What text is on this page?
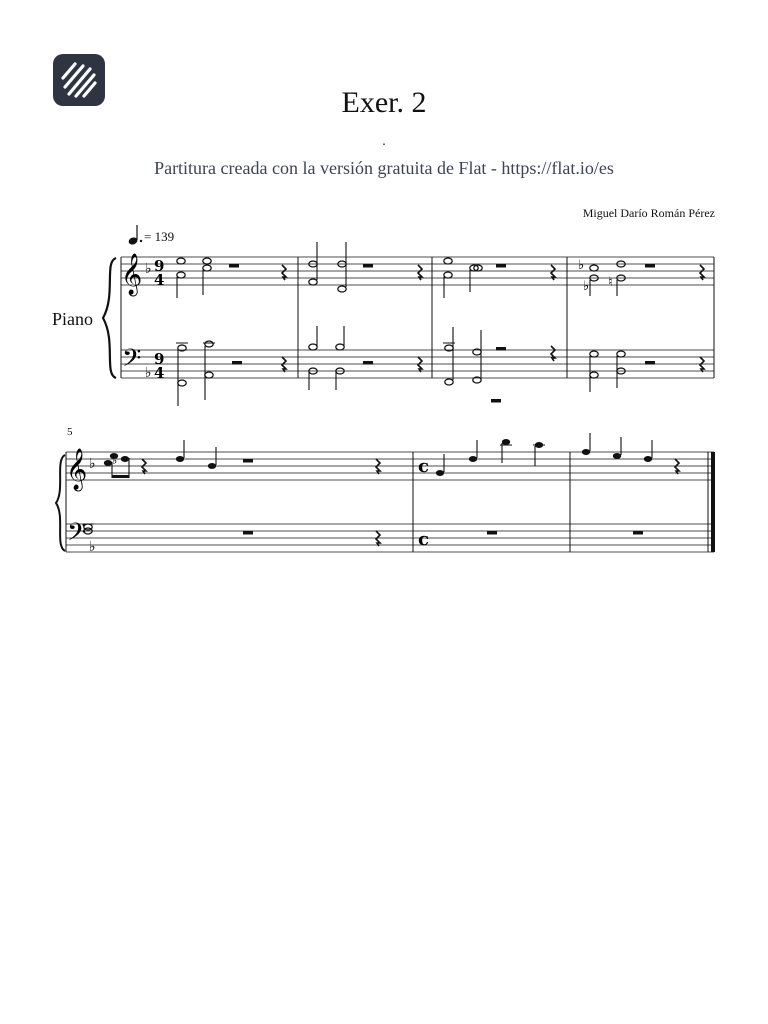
Exer. 2
.
Partitura creada con la versión gratuita de Flat - https://flat.io/es
Miguel Darío Román Pérez
Piano
= 139
5
𝄞
𝄢
♭
♭
9
4
9
4
♭
♭ ♮
𝄞
𝄢
♭
♭
♭	c
c
